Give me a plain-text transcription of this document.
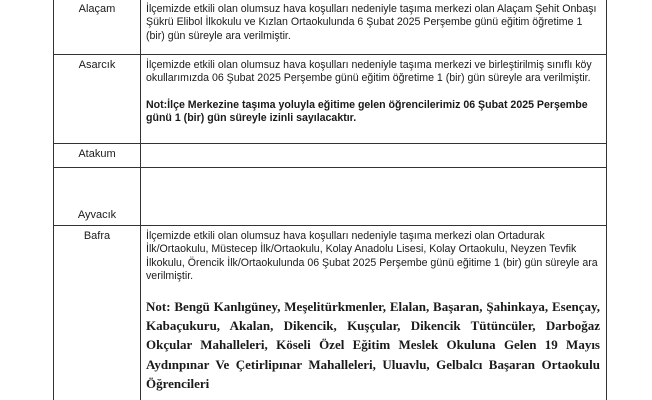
Alaçam	İlçemizde etkili olan olumsuz hava koşulları nedeniyle taşıma merkezi olan Alaçam Şehit Onbaşı Şükrü Elibol İlkokulu ve Kızlan Ortaokulunda 6 Şubat 2025 Perşembe günü eğitim öğretime 1 (bir) gün süreyle ara verilmiştir.

Asarcık	İlçemizde etkili olan olumsuz hava koşulları nedeniyle taşıma merkezi ve birleştirilmiş sınıflı köy okullarımızda 06 Şubat 2025 Perşembe günü eğitim öğretime 1 (bir) gün süreyle ara verilmiştir.

Not:İlçe Merkezine taşıma yoluyla eğitime gelen öğrencilerimiz 06 Şubat 2025 Perşembe günü 1 (bir) gün süreyle izinli sayılacaktır.

Atakum	
Ayvacık	
Bafra	İlçemizde etkili olan olumsuz hava koşulları nedeniyle taşıma merkezi olan Ortadurak İlk/Ortaokulu, Müstecep İlk/Ortaokulu, Kolay Anadolu Lisesi, Kolay Ortaokulu, Neyzen Tevfik İlkokulu, Örencik İlk/Ortaokulunda 06 Şubat 2025 Perşembe günü eğitime 1 (bir) gün süreyle ara verilmiştir.

Not: Bengü Kanlıgüney, Meşelitürkmenler, Elalan, Başaran, Şahinkaya, Esençay, Kabaçukuru, Akalan, Dikencik, Kuşçular, Dikencik Tütüncüler, Darboğaz Okçular Mahalleleri, Köseli Özel Eğitim Meslek Okuluna Gelen 19 Mayıs Aydınpınar Ve Çetirlipınar Mahalleleri, Uluavlu, Gelbalcı Başaran Ortaokulu Öğrencileri
